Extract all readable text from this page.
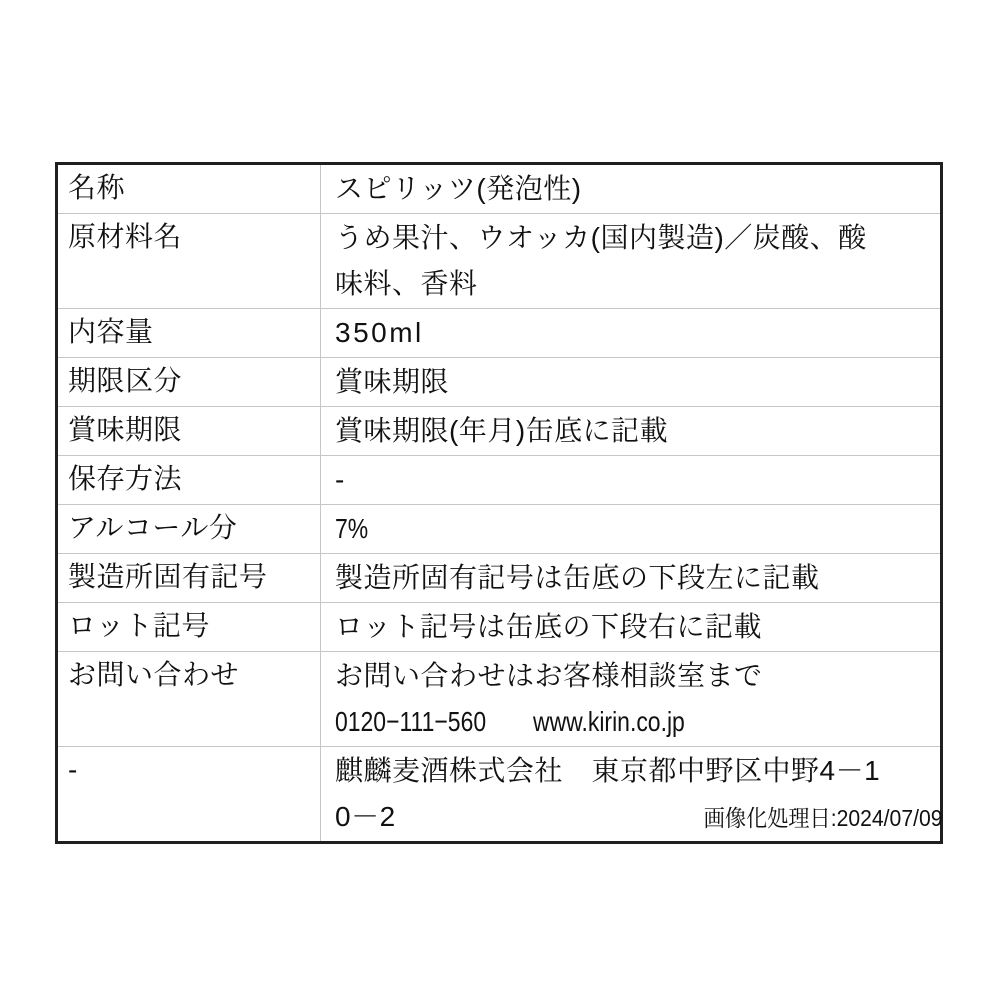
名称	スピリッツ(発泡性)
原材料名	うめ果汁、ウオッカ(国内製造)／炭酸、酸味料、香料
内容量	350ml
期限区分	賞味期限
賞味期限	賞味期限(年月)缶底に記載
保存方法	-
アルコール分	7%
製造所固有記号	製造所固有記号は缶底の下段左に記載
ロット記号	ロット記号は缶底の下段右に記載
お問い合わせ	お問い合わせはお客様相談室まで0120−111−560 www.kirin.co.jp
-	麒麟麦酒株式会社　東京都中野区中野4－10－2	画像化処理日:2024/07/09
